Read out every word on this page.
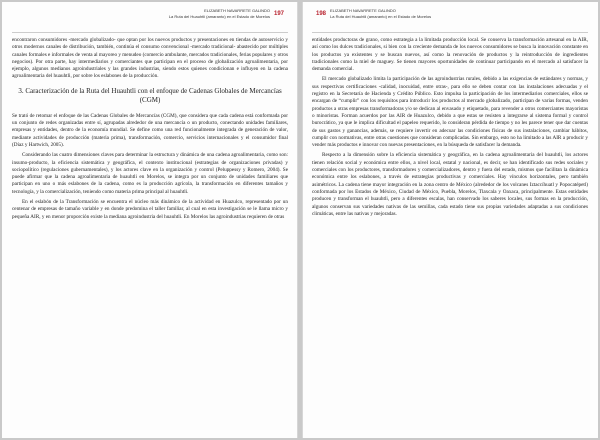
ELIZABETH NAVARRETE GALINDO
La Ruta del Huauhtli (amaranto) en el Estado de Morelos 197

encontraron consumidores -mercado globalizado- que optan por los nuevos productos y presentaciones en tiendas de autoservicio y otros modernos canales de distribución, también, continúa el consumo convencional -mercado tradicional- abastecido por múltiples canales formales e informales de venta al mayoreo y menudeo (comercio ambulante, mercados tradicionales, ferias populares y otros negocios). Por otra parte, hay intermediarios y comerciantes que participan en el proceso de globalización agroalimentaria, por ejemplo, algunos medianos agroindustriales y las grandes industrias, siendo estos quienes condicionan e influyen en la cadena agroalimentaria del huauhtli, por sobre los eslabones de la producción.

3. Caracterización de la Ruta del Huauhtli con el enfoque de Cadenas Globales de Mercancías (CGM)

Se trató de retomar el enfoque de las Cadenas Globales de Mercancías (CGM), que considera que cada cadena está conformada por un conjunto de redes organizadas entre sí, agrupadas alrededor de una mercancía o un producto, conectando unidades familiares, empresas y entidades, dentro de la economía mundial. Se define como una red funcionalmente integrada de generación de valor, mediante actividades de producción (materia prima), transformación, comercio, servicios internacionales y el consumidor final (Díaz y Hartwich, 2005).

Considerando las cuatro dimensiones claves para determinar la estructura y dinámica de una cadena agroalimentaria, como son: insumo-producto, la eficiencia sistemática y geográfica, el contexto institucional (estrategias de organizaciones privadas) y sociopolítico (regulaciones gubernamentales), y los actores clave en la organización y control (Peluppessy y Romero, 2004). Se puede afirmar que la cadena agroalimentaria de huauhtli en Morelos, se integra por un conjunto de unidades familiares que participan en uno o más eslabones de la cadena, como es la producción agrícola, la transformación en diferentes tamaños y tecnología, y la comercialización, teniendo como materia prima principal al huauhtli.

En el eslabón de la Transformación se encuentra el núcleo más dinámico de la actividad en Huazulco, representado por un centenar de empresas de tamaño variable y en donde predomina el taller familiar, al cual en esta investigación se le llama micro y pequeña AIR, y en menor proporción existe la mediana agroindustria del huauhtli. En Morelos las agroindustrias requieren de otras

198
ELIZABETH NAVARRETE GALINDO
La Ruta del Huauhtli (amaranto) en el Estado de Morelos

entidades productoras de grano, como estrategia a la limitada producción local. Se conserva la transformación artesanal en la AIR, así como los dulces tradicionales, si bien con la creciente demanda de los nuevos consumidores se busca la innovación constante en los productos ya existentes y se buscan nuevos, así como la renovación de productos y la reintroducción de ingredientes tradicionales como la miel de maguey. Se tienen mayores oportunidades de continuar participando en el mercado al satisfacer la demanda comercial.

El mercado globalizado limita la participación de las agroindustrias rurales, debido a las exigencias de estándares y normas, y sus respectivas certificaciones -calidad, inocuidad, entre otras-, para ello se deben contar con las instalaciones adecuadas y el registro en la Secretaría de Hacienda y Crédito Público. Esto impulsa la participación de los intermediarios comerciales, ellos se encargan de “cumplir” con los requisitos para introducir los productos al mercado globalizado, participan de varias formas, venden productos a otras empresas transformadoras y/o se dedican al envasado y etiquetado, para revender a otros comerciantes mayoristas o minoristas. Forman acuerdos por las AIR de Huazulco, debido a que estas se resisten a integrarse al sistema formal y control burocrático, ya que le implica dificultad el papeleo requerido, lo consideran pérdida de tiempo y no les parece tener que dar cuentas de sus gastos y ganancias, además, se requiere invertir en adecuar las condiciones físicas de sus instalaciones, cambiar hábitos, cumplir con normativas, entre otras cuestiones que consideran complicadas. Sin embargo, esto no ha limitado a las AIR a producir y vender más productos e innovar con nuevas presentaciones, en la búsqueda de satisfacer la demanda.

Respecto a la dimensión sobre la eficiencia sistemática y geográfica, en la cadena agroalimentaria del huauhtli, los actores tienen relación social y económica entre ellos, a nivel local, estatal y nacional, es decir, se han identificado sus redes sociales y comerciales con los productores, transformadores y comercializadores, dentro y fuera del estado, mismos que facilitan la dinámica económica entre los eslabones, a través de estrategias productivas y comerciales. Hay vínculos horizontales, pero también asimétricos. La cadena tiene mayor integración en la zona centro de México (alrededor de los volcanes Iztaccíhuatl y Popocatépetl) conformada por los Estados de México, Ciudad de México, Puebla, Morelos, Tlaxcala y Oaxaca, principalmente. Estas entidades producen y transforman el huauhtli, pero a diferentes escalas, han conservado los saberes locales, sus formas en la producción, algunos conservan sus variedades nativas de las semillas, cada estado tiene sus propias variedades adaptadas a sus condiciones climáticas, entre las nativas y mejoradas.
